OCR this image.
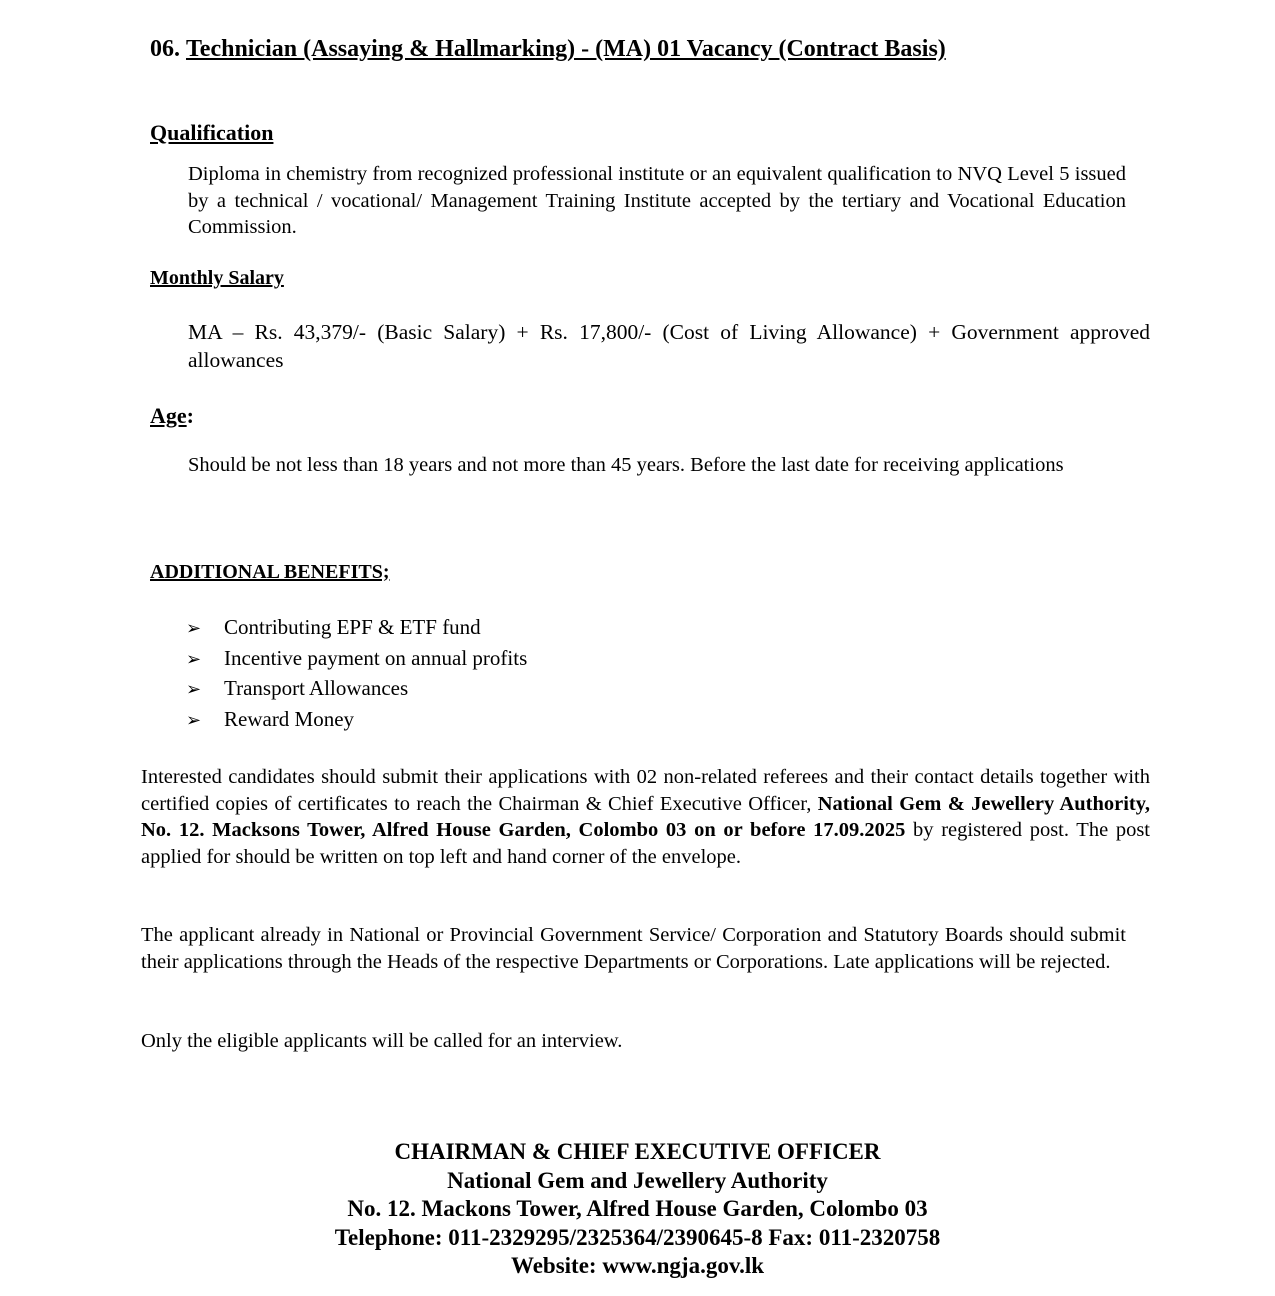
06. Technician (Assaying & Hallmarking) - (MA) 01 Vacancy (Contract Basis)
Qualification
Diploma in chemistry from recognized professional institute or an equivalent qualification to NVQ Level 5 issued by a technical / vocational/ Management Training Institute accepted by the tertiary and Vocational Education Commission.
Monthly Salary
MA – Rs. 43,379/- (Basic Salary) + Rs. 17,800/- (Cost of Living Allowance) + Government approved allowances
Age:
Should be not less than 18 years and not more than 45 years. Before the last date for receiving applications
ADDITIONAL BENEFITS;
➢ Contributing EPF & ETF fund
➢ Incentive payment on annual profits
➢ Transport Allowances
➢ Reward Money
Interested candidates should submit their applications with 02 non-related referees and their contact details together with certified copies of certificates to reach the Chairman & Chief Executive Officer, National Gem & Jewellery Authority, No. 12. Macksons Tower, Alfred House Garden, Colombo 03 on or before 17.09.2025 by registered post. The post applied for should be written on top left and hand corner of the envelope.
The applicant already in National or Provincial Government Service/ Corporation and Statutory Boards should submit their applications through the Heads of the respective Departments or Corporations. Late applications will be rejected.
Only the eligible applicants will be called for an interview.
CHAIRMAN & CHIEF EXECUTIVE OFFICER
National Gem and Jewellery Authority
No. 12. Mackons Tower, Alfred House Garden, Colombo 03
Telephone: 011-2329295/2325364/2390645-8 Fax: 011-2320758
Website: www.ngja.gov.lk
